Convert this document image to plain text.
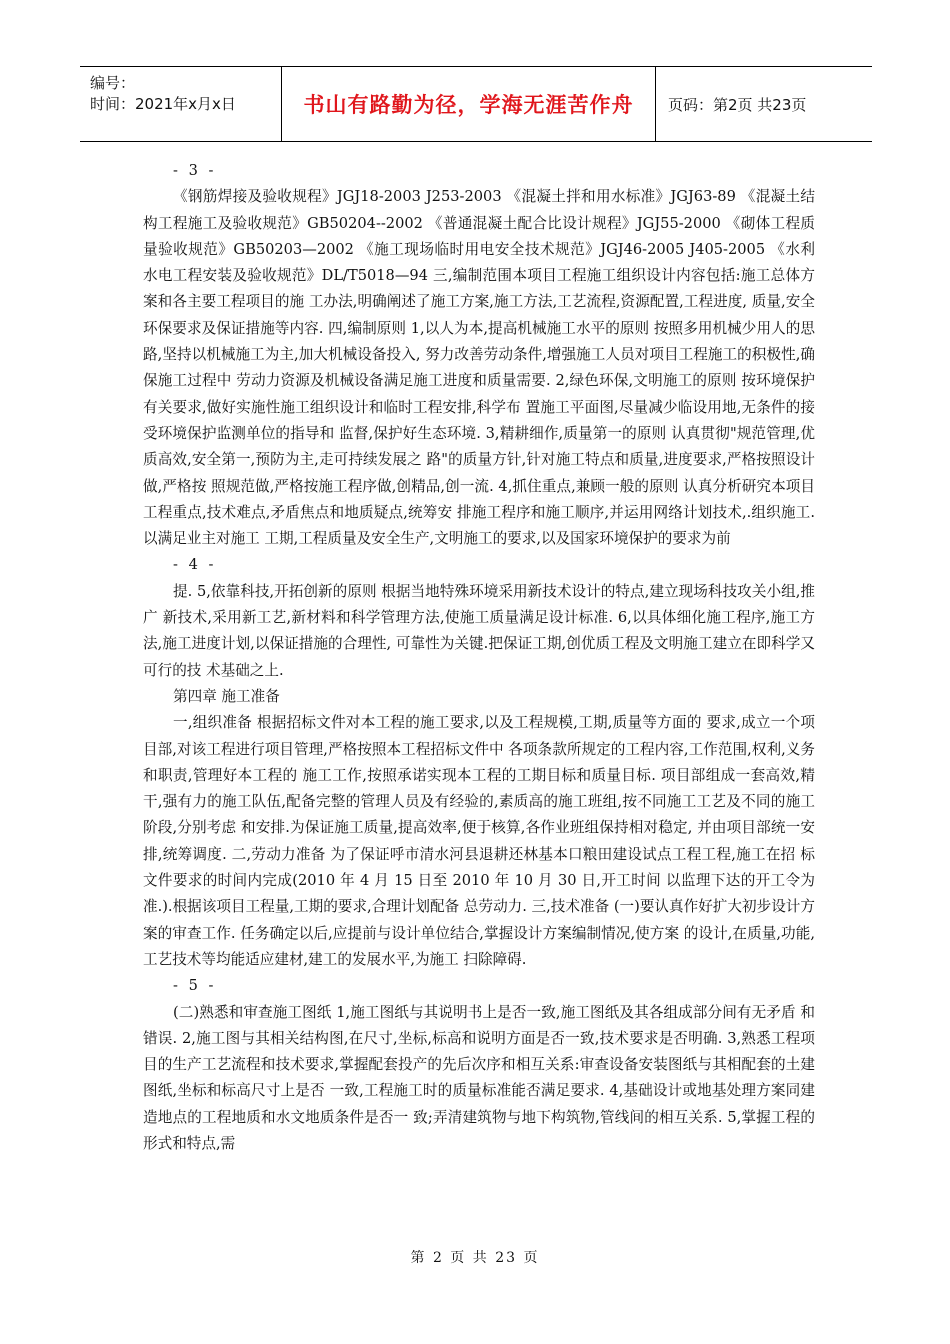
编号：
时间：2021年x月x日	书山有路勤为径，学海无涯苦作舟	页码：第2页 共23页

- 3 -

《钢筋焊接及验收规程》JGJ18-2003 J253-2003 《混凝土拌和用水标准》JGJ63-89 《混凝土结构工程施工及验收规范》GB50204--2002 《普通混凝土配合比设计规程》JGJ55-2000 《砌体工程质量验收规范》GB50203—2002 《施工现场临时用电安全技术规范》JGJ46-2005 J405-2005 《水利水电工程安装及验收规范》DL/T5018—94 三,编制范围本项目工程施工组织设计内容包括:施工总体方案和各主要工程项目的施 工办法,明确阐述了施工方案,施工方法,工艺流程,资源配置,工程进度, 质量,安全环保要求及保证措施等内容. 四,编制原则 1,以人为本,提高机械施工水平的原则 按照多用机械少用人的思路,坚持以机械施工为主,加大机械设备投入, 努力改善劳动条件,增强施工人员对项目工程施工的积极性,确保施工过程中 劳动力资源及机械设备满足施工进度和质量需要. 2,绿色环保,文明施工的原则 按环境保护有关要求,做好实施性施工组织设计和临时工程安排,科学布 置施工平面图,尽量减少临设用地,无条件的接受环境保护监测单位的指导和 监督,保护好生态环境. 3,精耕细作,质量第一的原则 认真贯彻"规范管理,优质高效,安全第一,预防为主,走可持续发展之 路"的质量方针,针对施工特点和质量,进度要求,严格按照设计做,严格按 照规范做,严格按施工程序做,创精品,创一流. 4,抓住重点,兼顾一般的原则 认真分析研究本项目工程重点,技术难点,矛盾焦点和地质疑点,统筹安 排施工程序和施工顺序,并运用网络计划技术,.组织施工.以满足业主对施工 工期,工程质量及安全生产,文明施工的要求,以及国家环境保护的要求为前

- 4 -

提. 5,依靠科技,开拓创新的原则 根据当地特殊环境采用新技术设计的特点,建立现场科技攻关小组,推广 新技术,采用新工艺,新材料和科学管理方法,使施工质量满足设计标准. 6,以具体细化施工程序,施工方法,施工进度计划,以保证措施的合理性, 可靠性为关键.把保证工期,创优质工程及文明施工建立在即科学又可行的技 术基础之上.

第四章 施工准备

一,组织准备 根据招标文件对本工程的施工要求,以及工程规模,工期,质量等方面的 要求,成立一个项目部,对该工程进行项目管理,严格按照本工程招标文件中 各项条款所规定的工程内容,工作范围,权利,义务和职责,管理好本工程的 施工工作,按照承诺实现本工程的工期目标和质量目标. 项目部组成一套高效,精干,强有力的施工队伍,配备完整的管理人员及有经验的,素质高的施工班组,按不同施工工艺及不同的施工阶段,分别考虑 和安排.为保证施工质量,提高效率,便于核算,各作业班组保持相对稳定, 并由项目部统一安排,统筹调度. 二,劳动力准备 为了保证呼市清水河县退耕还林基本口粮田建设试点工程工程,施工在招 标文件要求的时间内完成(2010 年 4 月 15 日至 2010 年 10 月 30 日,开工时间 以监理下达的开工令为准.).根据该项目工程量,工期的要求,合理计划配备 总劳动力. 三,技术准备 (一)要认真作好扩大初步设计方案的审查工作. 任务确定以后,应提前与设计单位结合,掌握设计方案编制情况,使方案 的设计,在质量,功能,工艺技术等均能适应建材,建工的发展水平,为施工 扫除障碍.

- 5 -

(二)熟悉和审查施工图纸 1,施工图纸与其说明书上是否一致,施工图纸及其各组成部分间有无矛盾 和错误. 2,施工图与其相关结构图,在尺寸,坐标,标高和说明方面是否一致,技术要求是否明确. 3,熟悉工程项目的生产工艺流程和技术要求,掌握配套投产的先后次序和相互关系:审查设备安装图纸与其相配套的土建图纸,坐标和标高尺寸上是否 一致,工程施工时的质量标准能否满足要求. 4,基础设计或地基处理方案同建造地点的工程地质和水文地质条件是否一 致;弄清建筑物与地下构筑物,管线间的相互关系. 5,掌握工程的形式和特点,需

第 2 页 共 23 页
